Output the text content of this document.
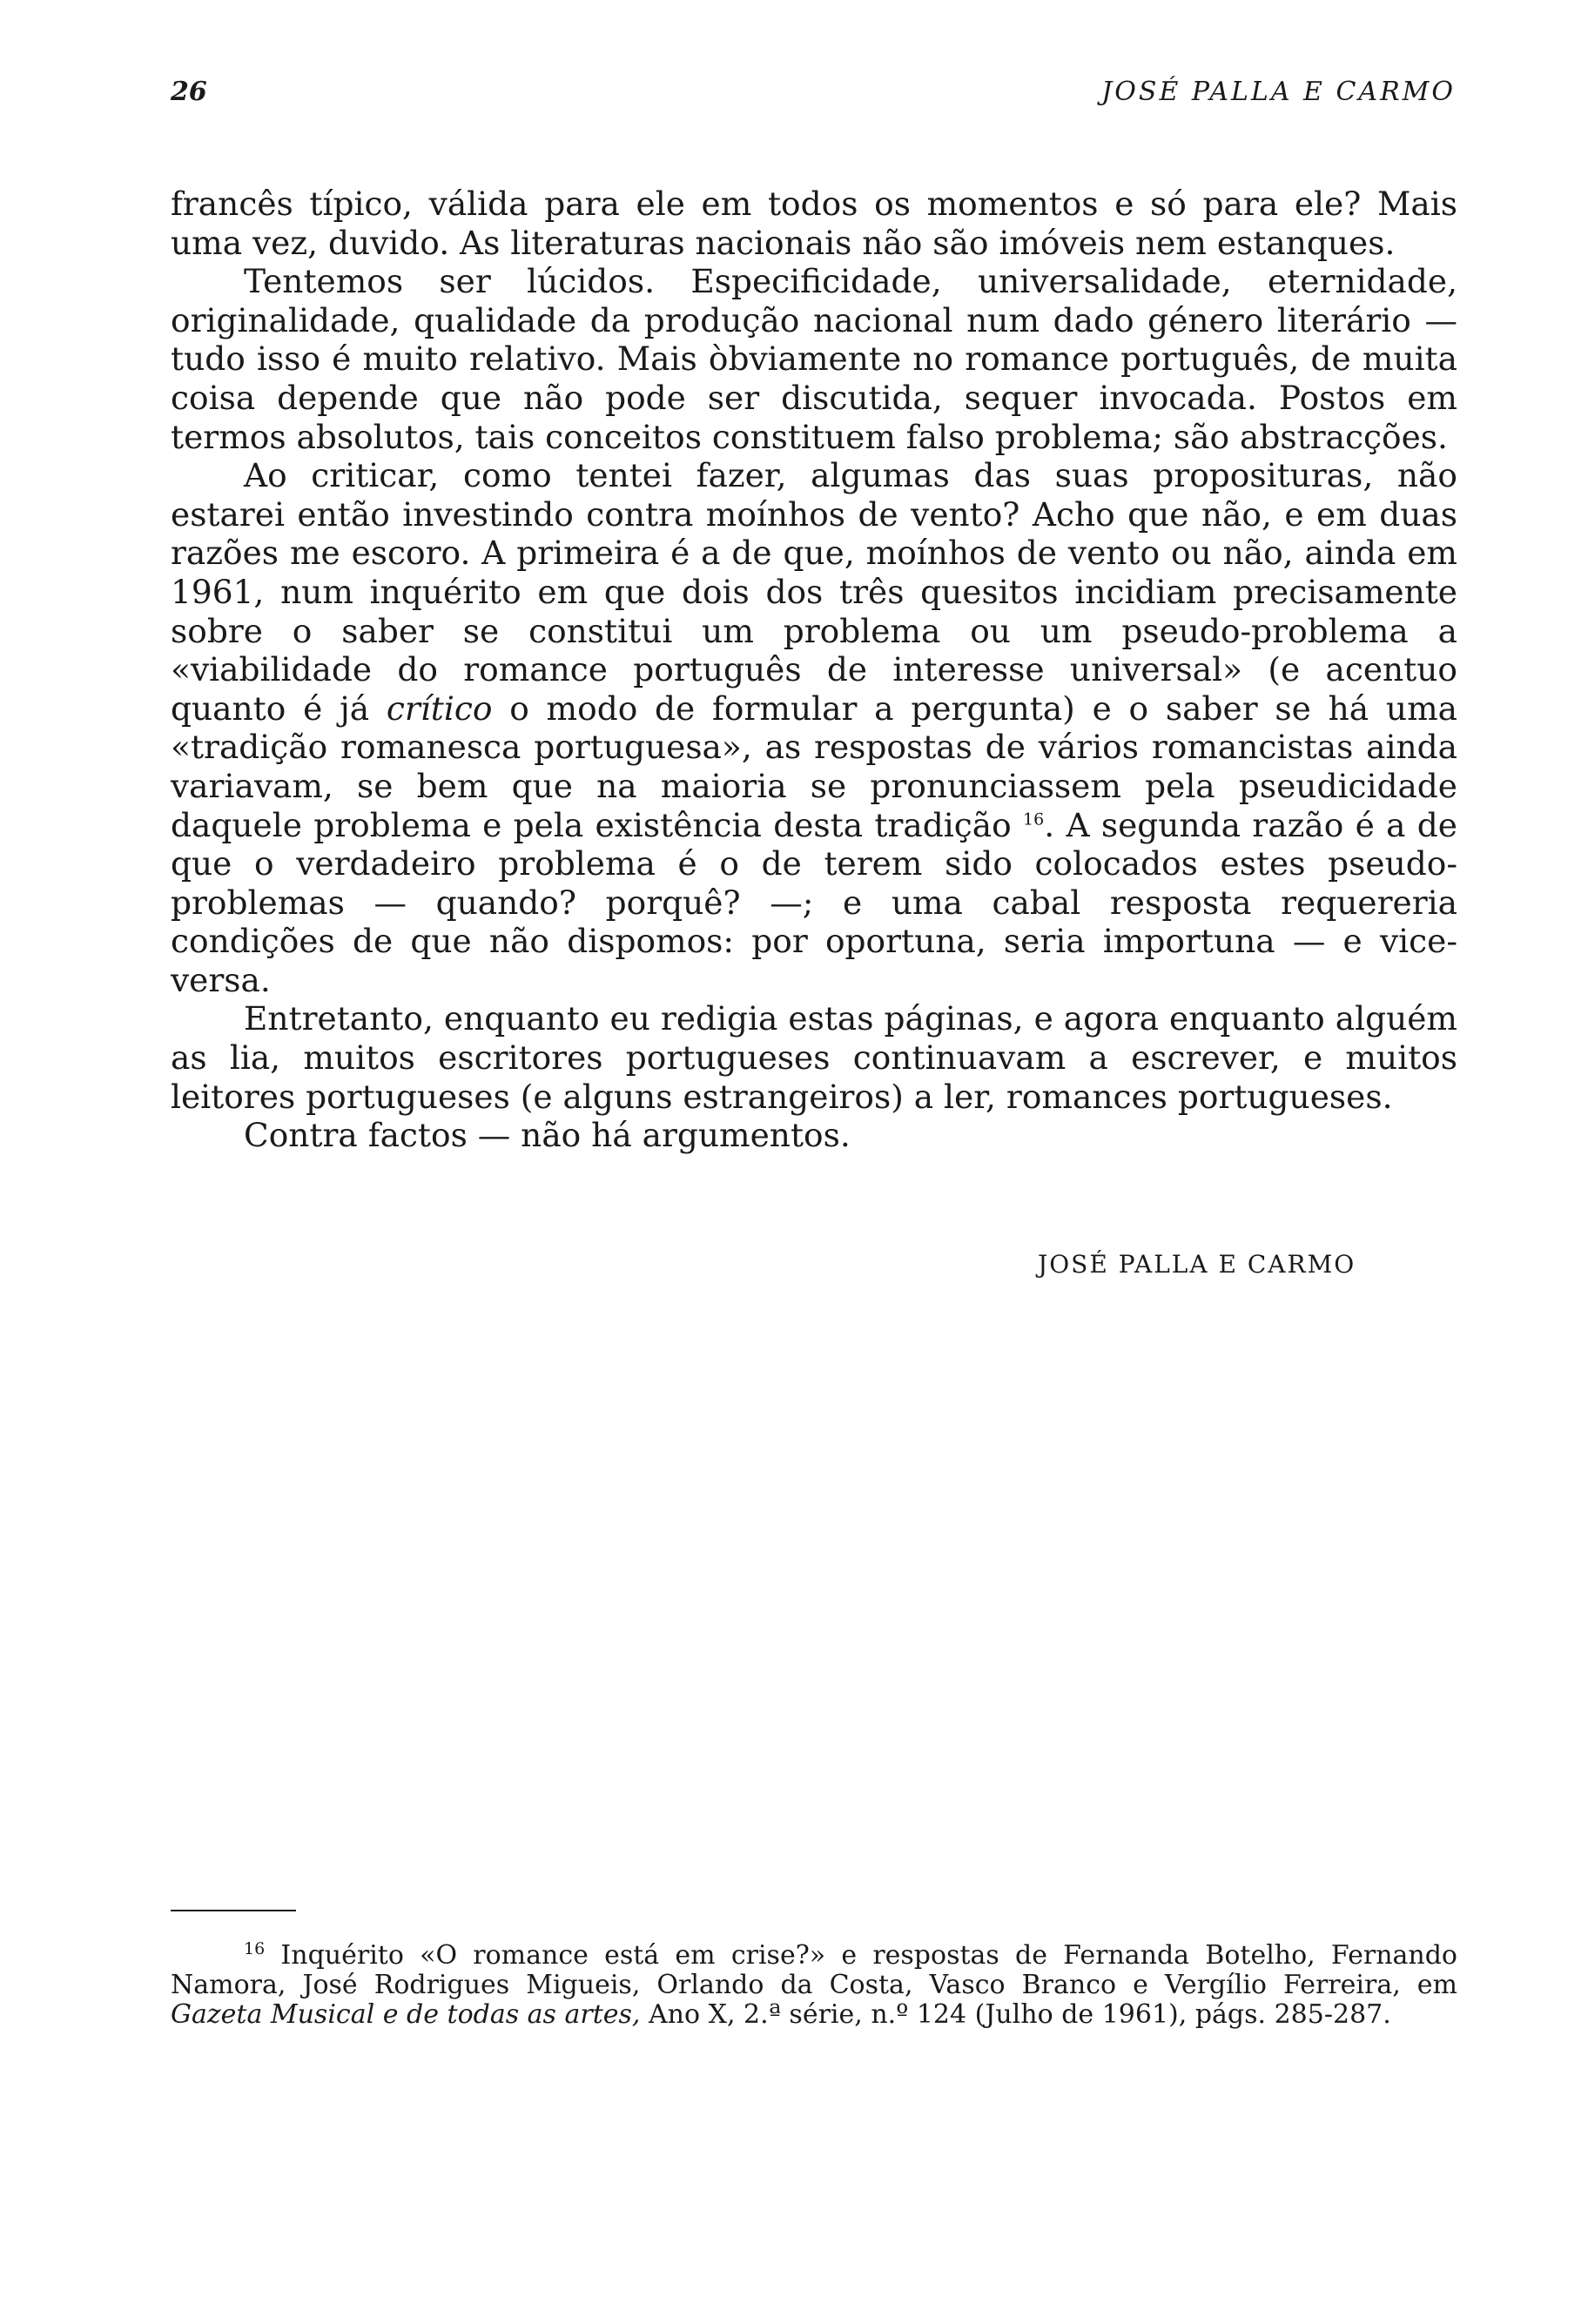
26	JOSÉ PALLA E CARMO

francês típico, válida para ele em todos os momentos e só para ele? Mais uma vez, duvido. As literaturas nacionais não são imóveis nem estanques.

Tentemos ser lúcidos. Especificidade, universalidade, eternidade, originalidade, qualidade da produção nacional num dado género literário — tudo isso é muito relativo. Mais òbviamente no romance português, de muita coisa depende que não pode ser discutida, sequer invocada. Postos em termos absolutos, tais conceitos constituem falso problema; são abstracções.

Ao criticar, como tentei fazer, algumas das suas proposituras, não estarei então investindo contra moínhos de vento? Acho que não, e em duas razões me escoro. A primeira é a de que, moínhos de vento ou não, ainda em 1961, num inquérito em que dois dos três quesitos incidiam precisamente sobre o saber se constitui um problema ou um pseudo-problema a «viabilidade do romance português de interesse universal» (e acentuo quanto é já crítico o modo de formular a pergunta) e o saber se há uma «tradição romanesca portuguesa», as respostas de vários romancistas ainda variavam, se bem que na maioria se pronunciassem pela pseudicidade daquele problema e pela existência desta tradição $^{16}$. A segunda razão é a de que o verdadeiro problema é o de terem sido colocados estes pseudo-problemas — quando? porquê? —; e uma cabal resposta requereria condições de que não dispomos: por oportuna, seria importuna — e vice-versa.

Entretanto, enquanto eu redigia estas páginas, e agora enquanto alguém as lia, muitos escritores portugueses continuavam a escrever, e muitos leitores portugueses (e alguns estrangeiros) a ler, romances portugueses.

Contra factos — não há argumentos.

JOSÉ PALLA E CARMO

$^{16}$ Inquérito «O romance está em crise?» e respostas de Fernanda Botelho, Fernando Namora, José Rodrigues Migueis, Orlando da Costa, Vasco Branco e Vergílio Ferreira, em Gazeta Musical e de todas as artes, Ano X, 2.ª série, n.º 124 (Julho de 1961), págs. 285-287.
